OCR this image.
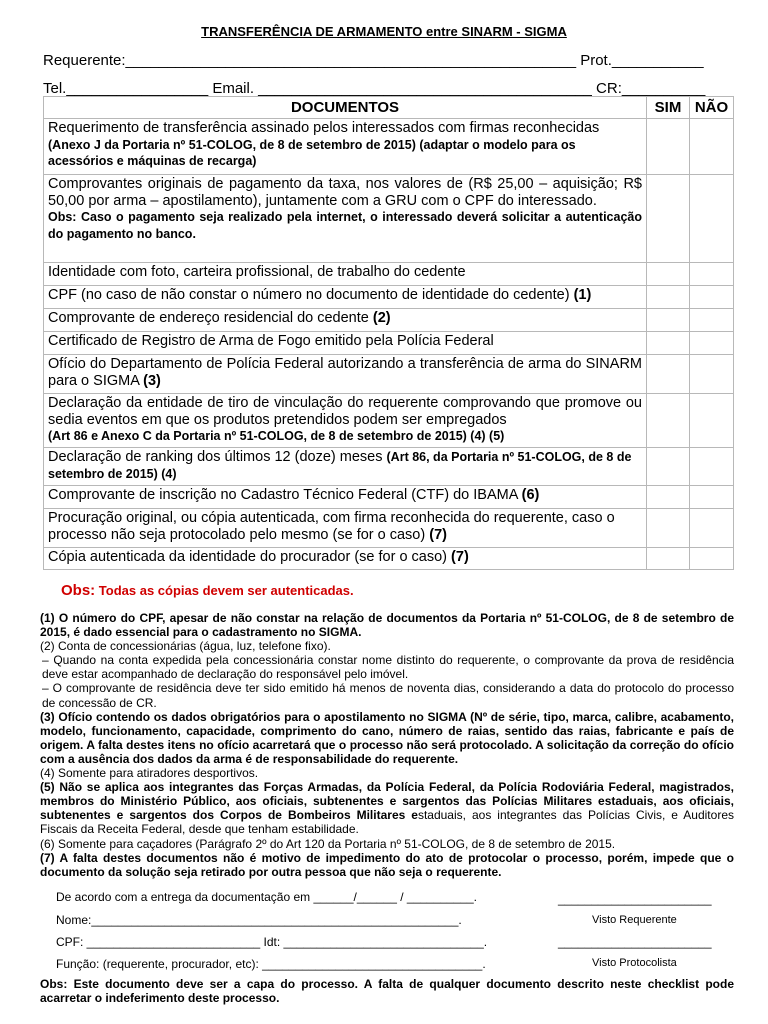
TRANSFERÊNCIA DE ARMAMENTO entre SINARM - SIGMA
Requerente:______________________________________________________ Prot.___________
Tel._________________ Email. ________________________________________ CR:__________
DOCUMENTOS	SIM	NÃO
Requerimento de transferência assinado pelos interessados com firmas reconhecidas
(Anexo J da Portaria nº 51-COLOG, de 8 de setembro de 2015) (adaptar o modelo para os acessórios e máquinas de recarga)		
Comprovantes originais de pagamento da taxa, nos valores de (R$ 25,00 – aquisição; R$ 50,00 por arma – apostilamento), juntamente com a GRU com o CPF do interessado.
Obs: Caso o pagamento seja realizado pela internet, o interessado deverá solicitar a autenticação do pagamento no banco.		
Identidade com foto, carteira profissional, de trabalho do cedente		
CPF (no caso de não constar o número no documento de identidade do cedente) (1)		
Comprovante de endereço residencial do cedente (2)		
Certificado de Registro de Arma de Fogo emitido pela Polícia Federal		
Ofício do Departamento de Polícia Federal autorizando a transferência de arma do SINARM para o SIGMA (3)		
Declaração da entidade de tiro de vinculação do requerente comprovando que promove ou sedia eventos em que os produtos pretendidos podem ser empregados
(Art 86 e Anexo C da Portaria nº 51-COLOG, de 8 de setembro de 2015) (4) (5)		
Declaração de ranking dos últimos 12 (doze) meses (Art 86, da Portaria nº 51-COLOG, de 8 de setembro de 2015) (4)		
Comprovante de inscrição no Cadastro Técnico Federal (CTF) do IBAMA (6)		
Procuração original, ou cópia autenticada, com firma reconhecida do requerente, caso o processo não seja protocolado pelo mesmo (se for o caso) (7)		
Cópia autenticada da identidade do procurador (se for o caso) (7)		
Obs: Todas as cópias devem ser autenticadas.

(1) O número do CPF, apesar de não constar na relação de documentos da Portaria nº 51-COLOG, de 8 de setembro de 2015, é dado essencial para o cadastramento no SIGMA.

(2) Conta de concessionárias (água, luz, telefone fixo).

– Quando na conta expedida pela concessionária constar nome distinto do requerente, o comprovante da prova de residência deve estar acompanhado de declaração do responsável pelo imóvel.

– O comprovante de residência deve ter sido emitido há menos de noventa dias, considerando a data do protocolo do processo de concessão de CR.

(3) Ofício contendo os dados obrigatórios para o apostilamento no SIGMA (Nº de série, tipo, marca, calibre, acabamento, modelo, funcionamento, capacidade, comprimento do cano, número de raias, sentido das raias, fabricante e país de origem. A falta destes itens no ofício acarretará que o processo não será protocolado. A solicitação da correção do ofício com a ausência dos dados da arma é de responsabilidade do requerente.

(4) Somente para atiradores desportivos.

(5) Não se aplica aos integrantes das Forças Armadas, da Polícia Federal, da Polícia Rodoviária Federal, magistrados, membros do Ministério Público, aos oficiais, subtenentes e sargentos das Polícias Militares estaduais, aos oficiais, subtenentes e sargentos dos Corpos de Bombeiros Militares estaduais, aos integrantes das Polícias Civis, e Auditores Fiscais da Receita Federal, desde que tenham estabilidade.

(6) Somente para caçadores (Parágrafo 2º do Art 120 da Portaria nº 51-COLOG, de 8 de setembro de 2015.

(7) A falta destes documentos não é motivo de impedimento do ato de protocolar o processo, porém, impede que o documento da solução seja retirado por outra pessoa que não seja o requerente.

De acordo com a entrega da documentação em ______/______ / __________.
Nome:_______________________________________________________.
CPF: __________________________ Idt: ______________________________.
Função: (requerente, procurador, etc): _________________________________.
_______________________
Visto Requerente
_______________________
Visto Protocolista
Obs: Este documento deve ser a capa do processo. A falta de qualquer documento descrito neste checklist pode acarretar o indeferimento deste processo.
